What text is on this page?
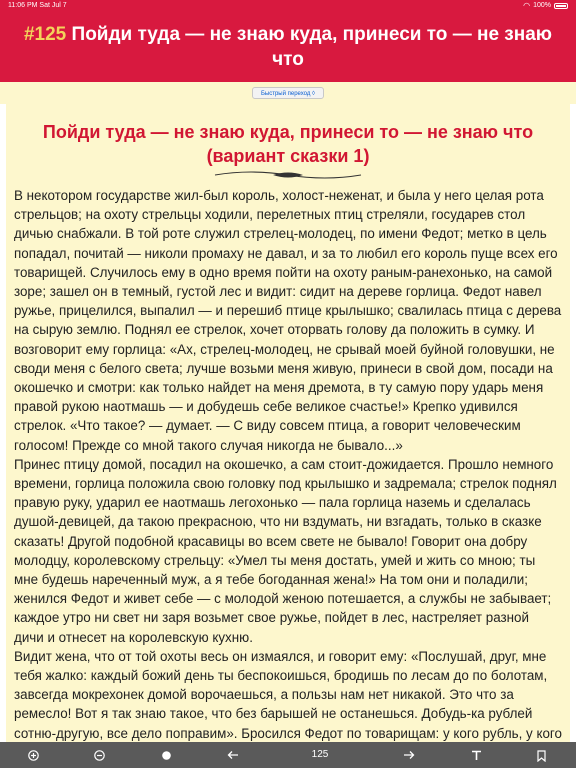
11:06 PM Sat Jul 7	◠ 100%
#125 Пойди туда — не знаю куда, принеси то — не знаю что
Быстрый переход ◊
Пойди туда — не знаю куда, принеси то — не знаю что (вариант сказки 1)

В некотором государстве жил-был король, холост-неженат, и была у него целая рота стрельцов; на охоту стрельцы ходили, перелетных птиц стреляли, государев стол дичью снабжали. В той роте служил стрелец-молодец, по имени Федот; метко в цель попадал, почитай — николи промаху не давал, и за то любил его король пуще всех его товарищей. Случилось ему в одно время пойти на охоту раным-ранехонько, на самой зоре; зашел он в темный, густой лес и видит: сидит на дереве горлица. Федот навел ружье, прицелился, выпалил — и перешиб птице крылышко; свалилась птица с дерева на сырую землю. Поднял ее стрелок, хочет оторвать голову да положить в сумку. И возговорит ему горлица: «Ах, стрелец-молодец, не срывай моей буйной головушки, не своди меня с белого света; лучше возьми меня живую, принеси в свой дом, посади на окошечко и смотри: как только найдет на меня дремота, в ту самую пору ударь меня правой рукою наотмашь — и добудешь себе великое счастье!» Крепко удивился стрелок. «Что такое? — думает. — С виду совсем птица, а говорит человеческим голосом! Прежде со мной такого случая никогда не бывало...»

Принес птицу домой, посадил на окошечко, а сам стоит-дожидается. Прошло немного времени, горлица положила свою головку под крылышко и задремала; стрелок поднял правую руку, ударил ее наотмашь легохонько — пала горлица наземь и сделалась душой-девицей, да такою прекрасною, что ни вздумать, ни взгадать, только в сказке сказать! Другой подобной красавицы во всем свете не бывало! Говорит она добру молодцу, королевскому стрельцу: «Умел ты меня достать, умей и жить со мною; ты мне будешь нареченный муж, а я тебе богоданная жена!» На том они и поладили; женился Федот и живет себе — с молодой женою потешается, а службы не забывает; каждое утро ни свет ни заря возьмет свое ружье, пойдет в лес, настреляет разной дичи и отнесет на королевскую кухню.

Видит жена, что от той охоты весь он измаялся, и говорит ему: «Послушай, друг, мне тебя жалко: каждый божий день ты беспокоишься, бродишь по лесам до по болотам, завсегда мокрехонек домой ворочаешься, а пользы нам нет никакой. Это что за ремесло! Вот я так знаю такое, что без барышей не останешься. Добудь-ка рублей сотню-другую, все дело поправим». Бросился Федот по товарищам: у кого рубль, у кого

125
